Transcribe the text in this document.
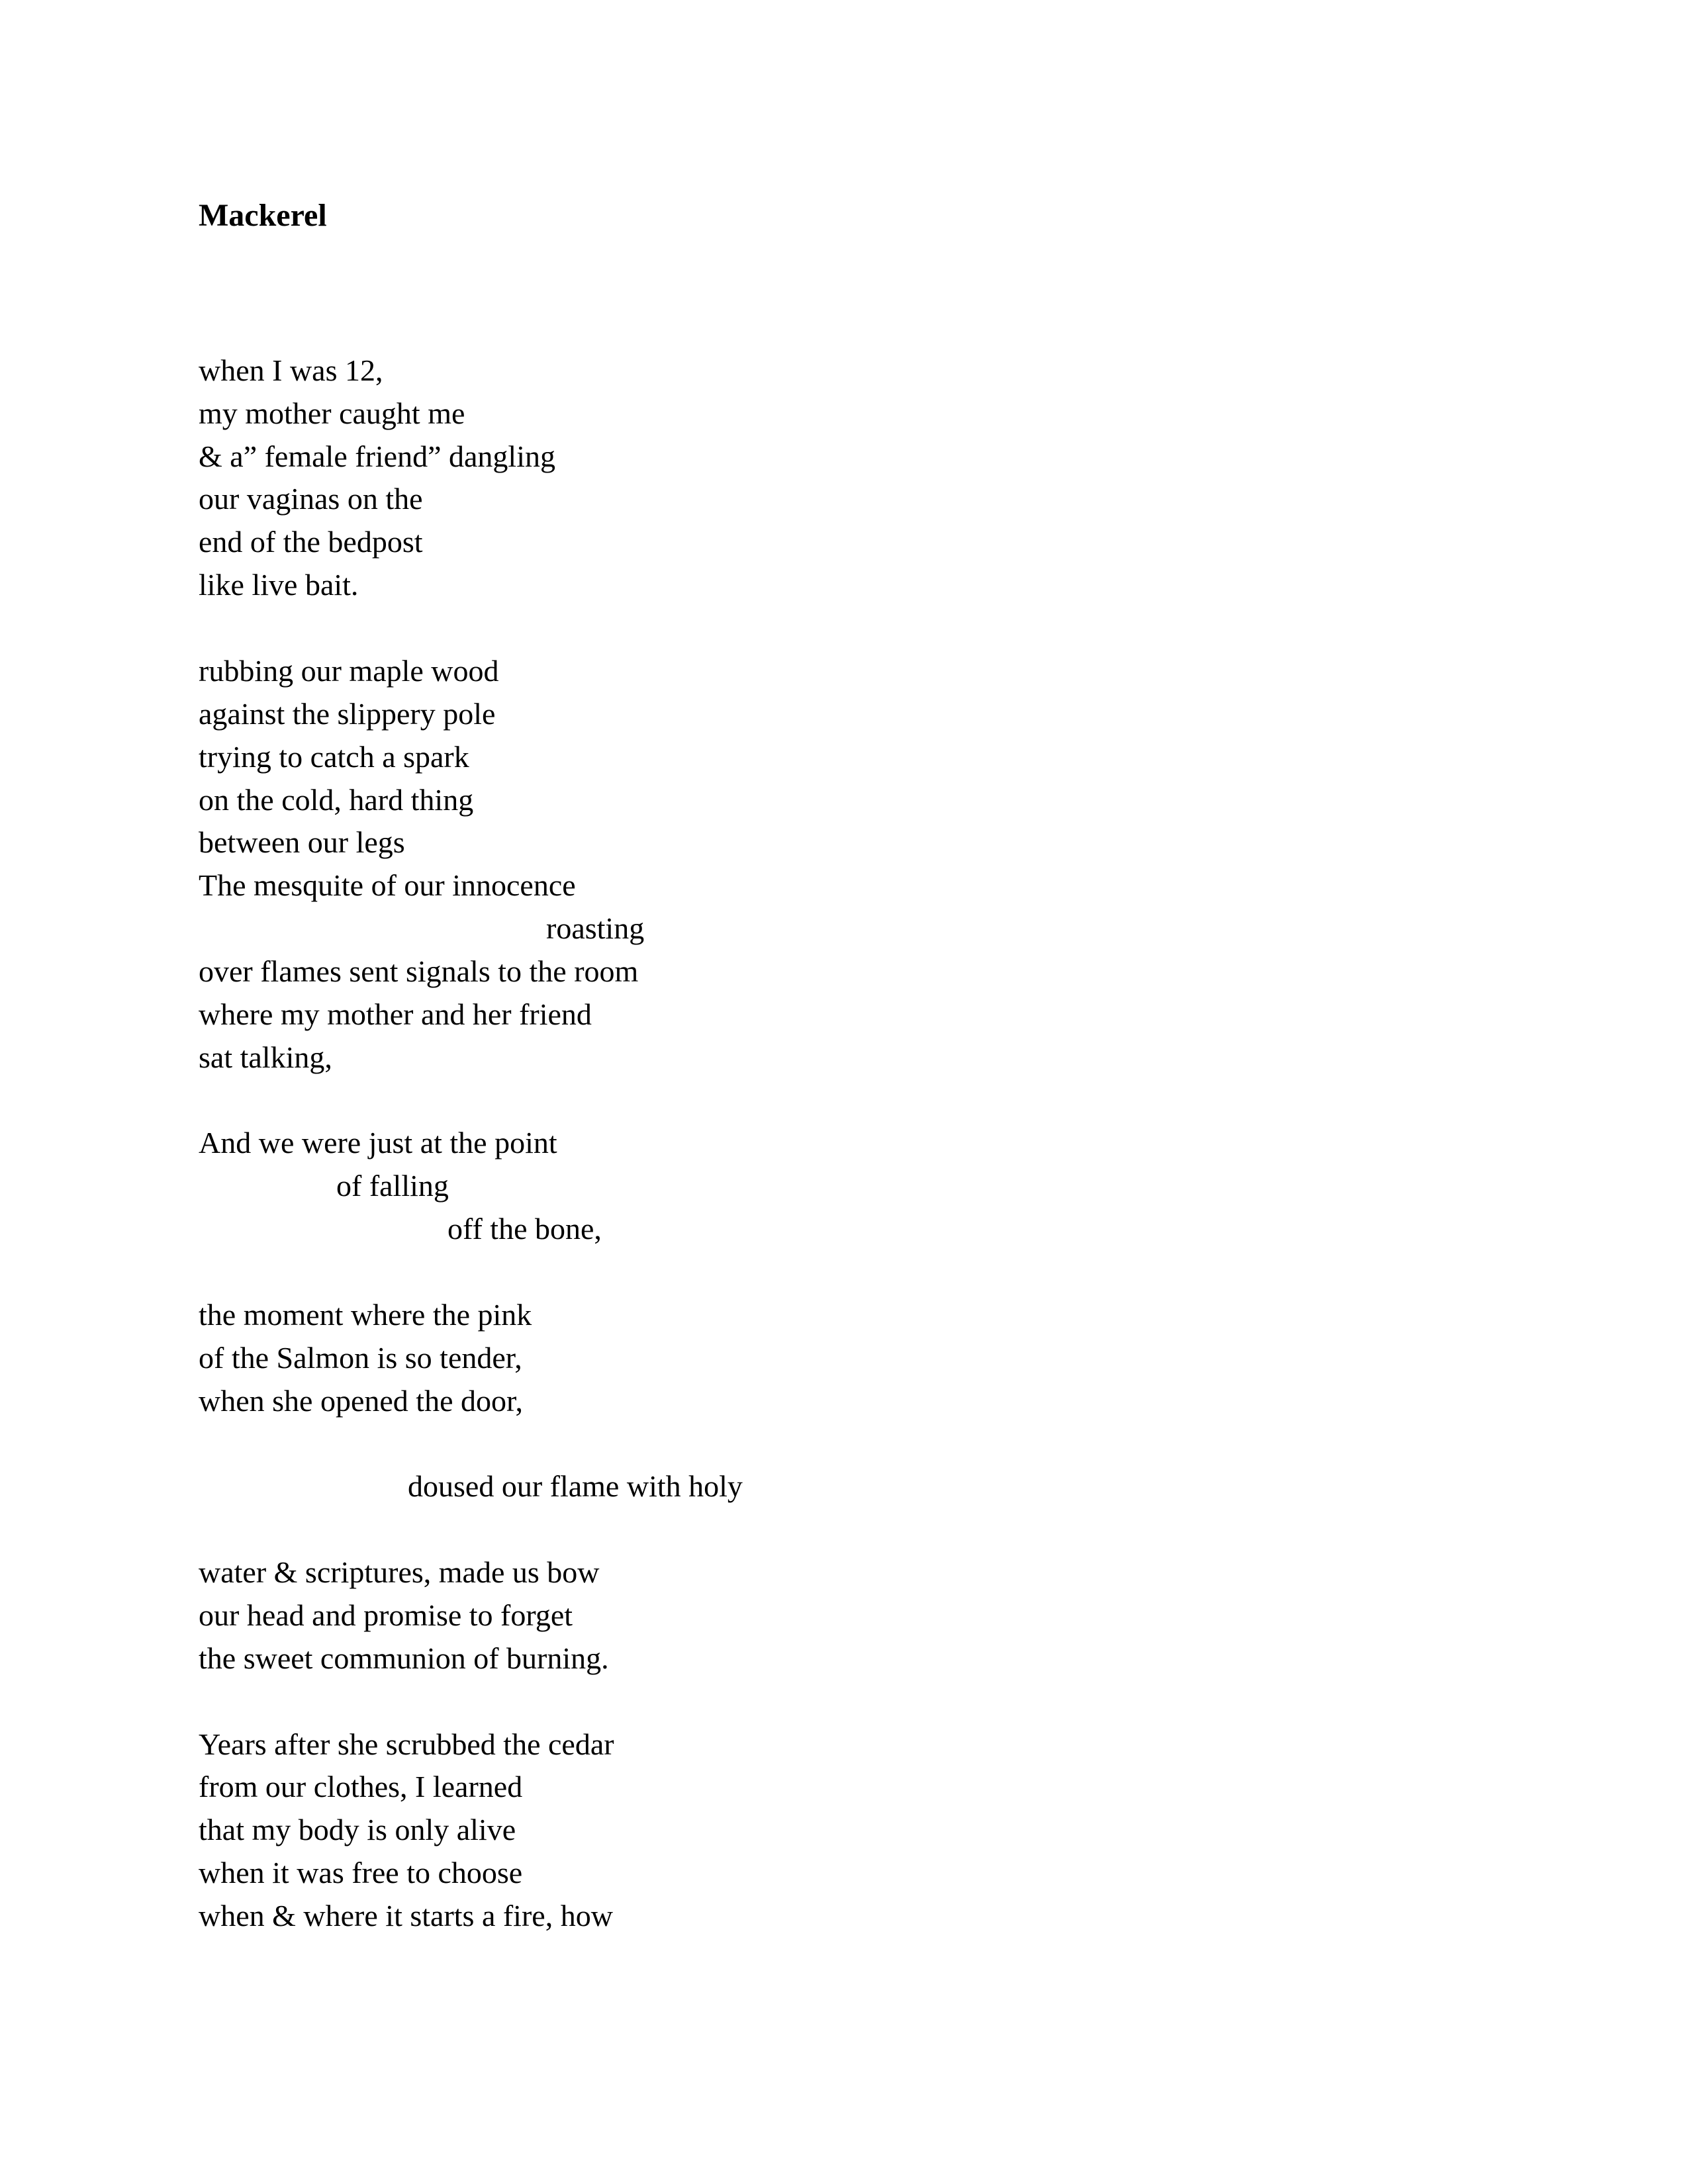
Mackerel
when I was 12,
my mother caught me
& a” female friend” dangling
our vaginas on the
end of the bedpost
like live bait.
rubbing our maple wood
against the slippery pole
trying to catch a spark
on the cold, hard thing
between our legs
The mesquite of our innocence
roasting
over flames sent signals to the room
where my mother and her friend
sat talking,
And we were just at the point
of falling
off the bone,
the moment where the pink
of the Salmon is so tender,
when she opened the door,
doused our flame with holy
water & scriptures, made us bow
our head and promise to forget
the sweet communion of burning.
Years after she scrubbed the cedar
from our clothes, I learned
that my body is only alive
when it was free to choose
when & where it starts a fire, how
